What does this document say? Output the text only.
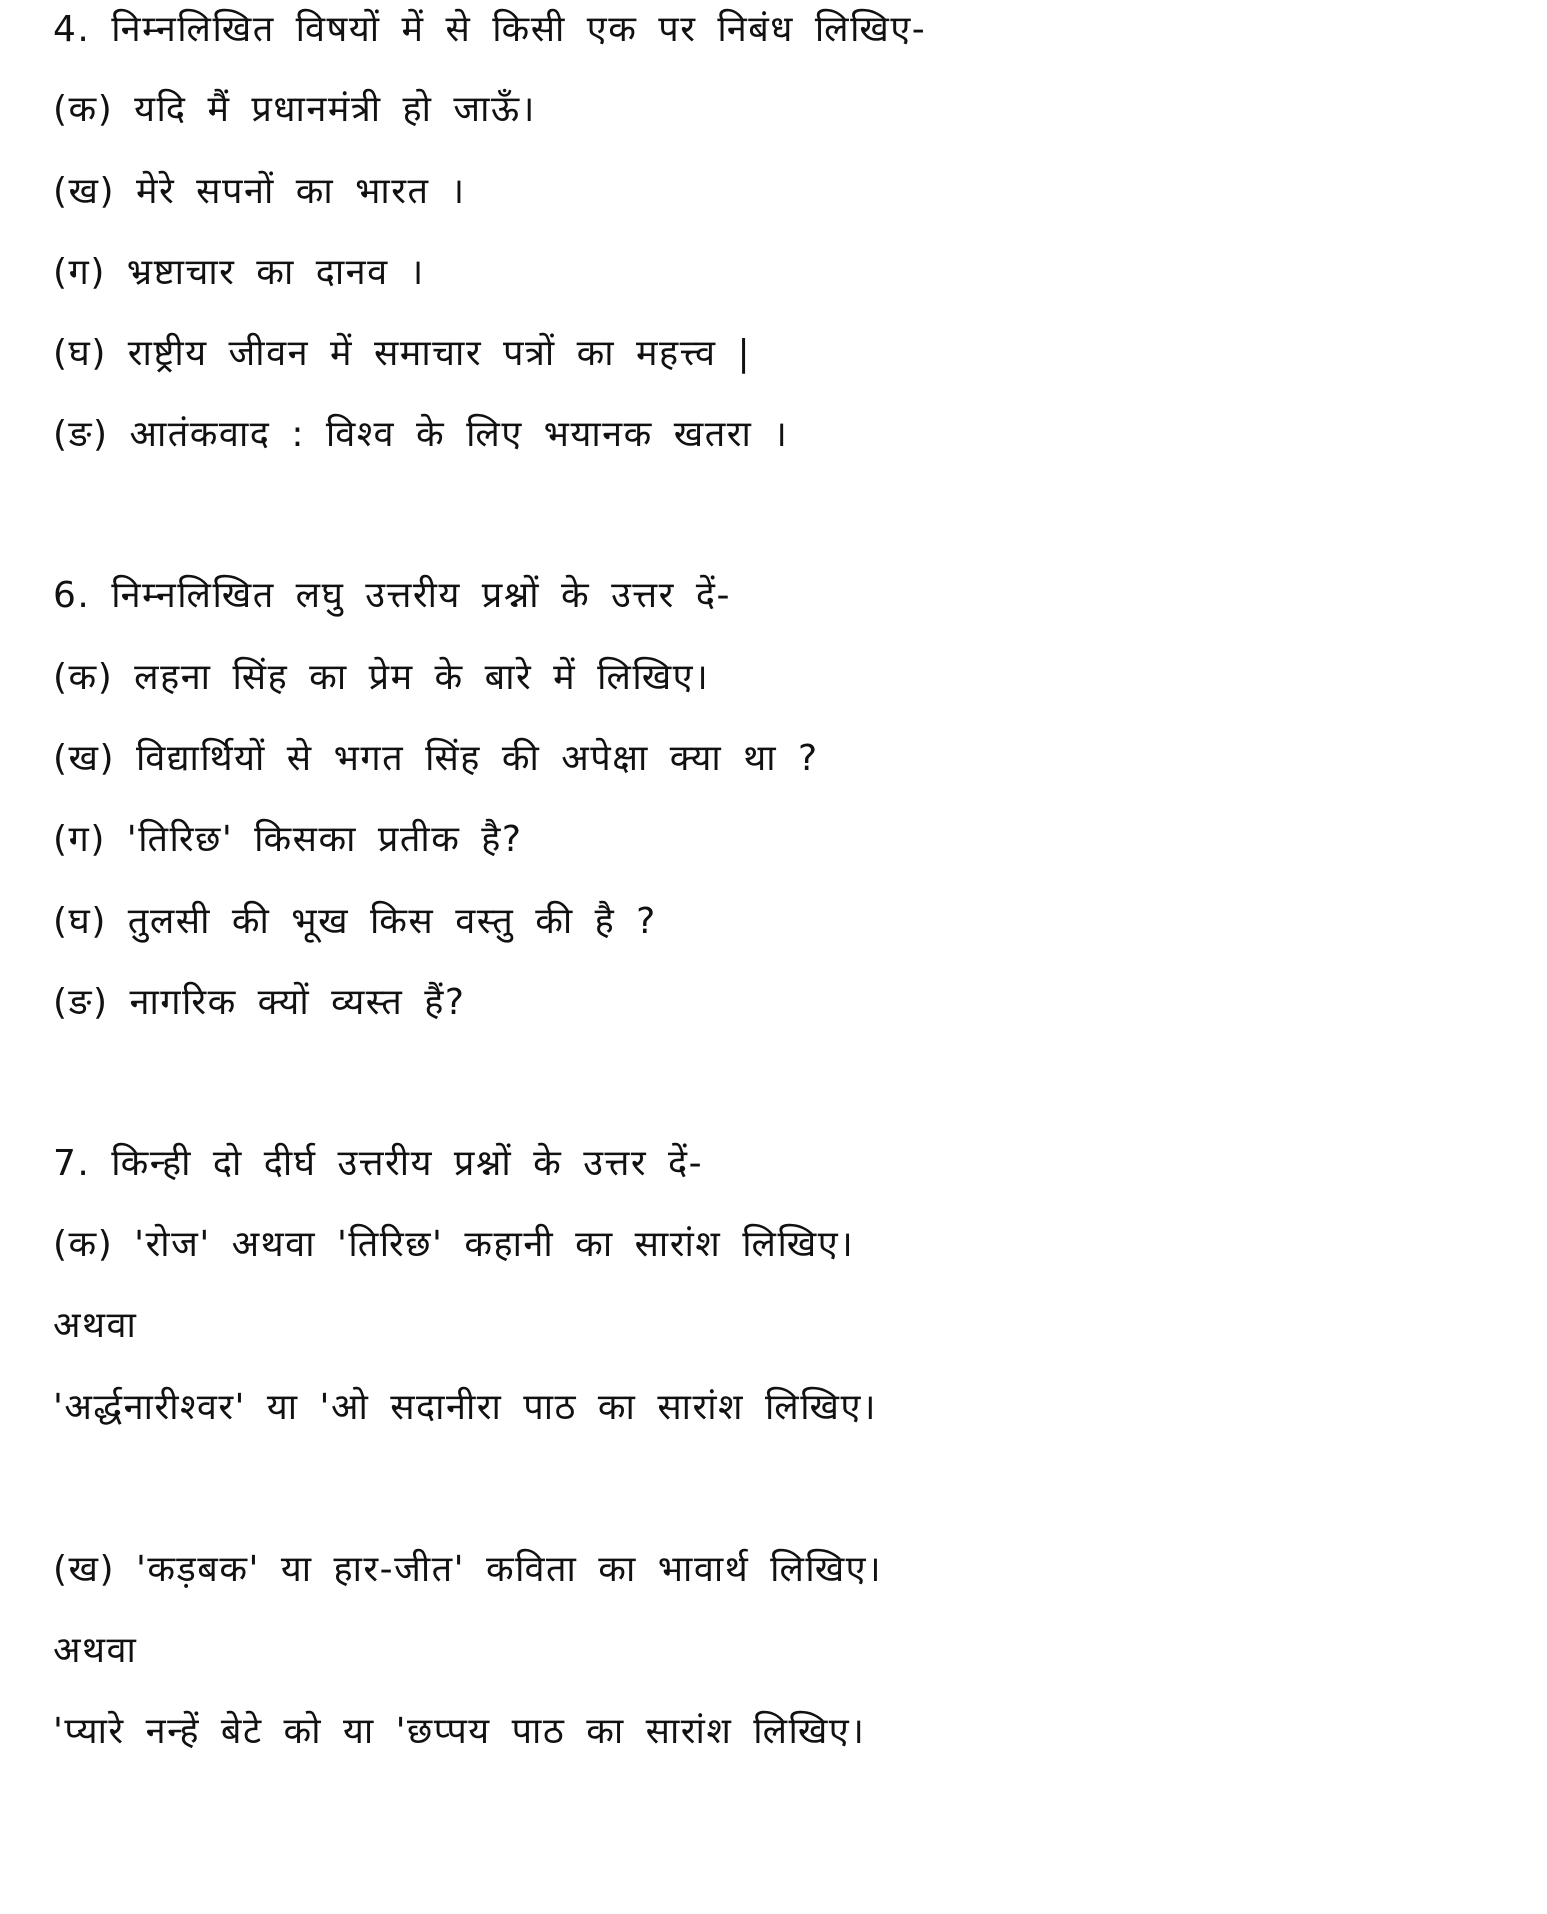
4. निम्नलिखित विषयों में से किसी एक पर निबंध लिखिए-
(क) यदि मैं प्रधानमंत्री हो जाऊँ।
(ख) मेरे सपनों का भारत ।
(ग) भ्रष्टाचार का दानव ।
(घ) राष्ट्रीय जीवन में समाचार पत्रों का महत्त्व |
(ङ) आतंकवाद : विश्व के लिए भयानक खतरा ।
6. निम्नलिखित लघु उत्तरीय प्रश्नों के उत्तर दें-
(क) लहना सिंह का प्रेम के बारे में लिखिए।
(ख) विद्यार्थियों से भगत सिंह की अपेक्षा क्या था ?
(ग) 'तिरिछ' किसका प्रतीक है?
(घ) तुलसी की भूख किस वस्तु की है ?
(ङ) नागरिक क्यों व्यस्त हैं?
7. किन्ही दो दीर्घ उत्तरीय प्रश्नों के उत्तर दें-
(क) 'रोज' अथवा 'तिरिछ' कहानी का सारांश लिखिए।
अथवा
'अर्द्धनारीश्वर' या 'ओ सदानीरा पाठ का सारांश लिखिए।
(ख) 'कड़बक' या हार-जीत' कविता का भावार्थ लिखिए।
अथवा
'प्यारे नन्हें बेटे को या 'छप्पय पाठ का सारांश लिखिए।
